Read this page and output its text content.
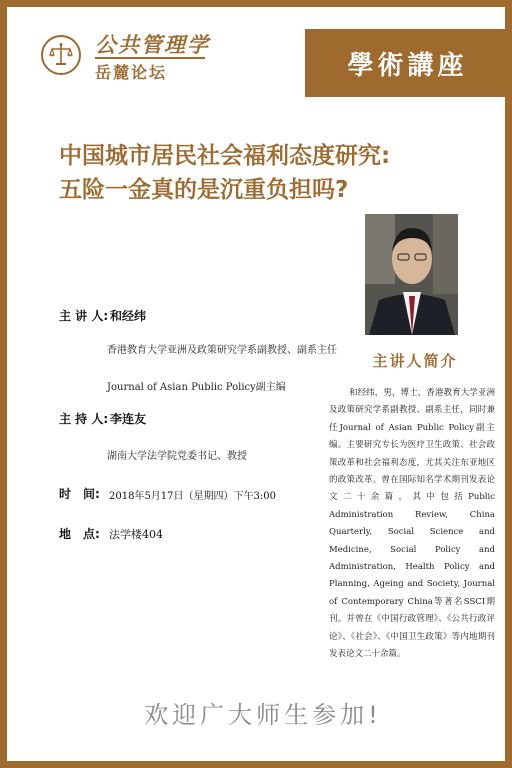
公共管理学
岳麓论坛	學術講座
中国城市居民社会福利态度研究:
五险一金真的是沉重负担吗?
主讲人简介
和经纬，男，博士，香港教育大学亚洲及政策研究学系副教授、副系主任，同时兼任Journal of Asian Public Policy副主编。主要研究专长为医疗卫生政策、社会政策改革和社会福利态度，尤其关注东亚地区的政策改革。曾在国际知名学术期刊发表论文二十余篇，其中包括Public Administration Review, China Quarterly, Social Science and Medicine, Social Policy and Administration, Health Policy and Planning, Ageing and Society, Journal of Contemporary China等著名SSCI期刊。并曾在《中国行政管理》、《公共行政评论》、《社会》、《中国卫生政策》等内地期刊发表论文二十余篇。
主 讲 人: 和经纬
香港教育大学亚洲及政策研究学系副教授、副系主任
Journal of Asian Public Policy副主编
主 持 人: 李连友
湖南大学法学院党委书记、教授
时　间: 2018年5月17日（星期四）下午3:00
地　点: 法学楼404
欢迎广大师生参加!
